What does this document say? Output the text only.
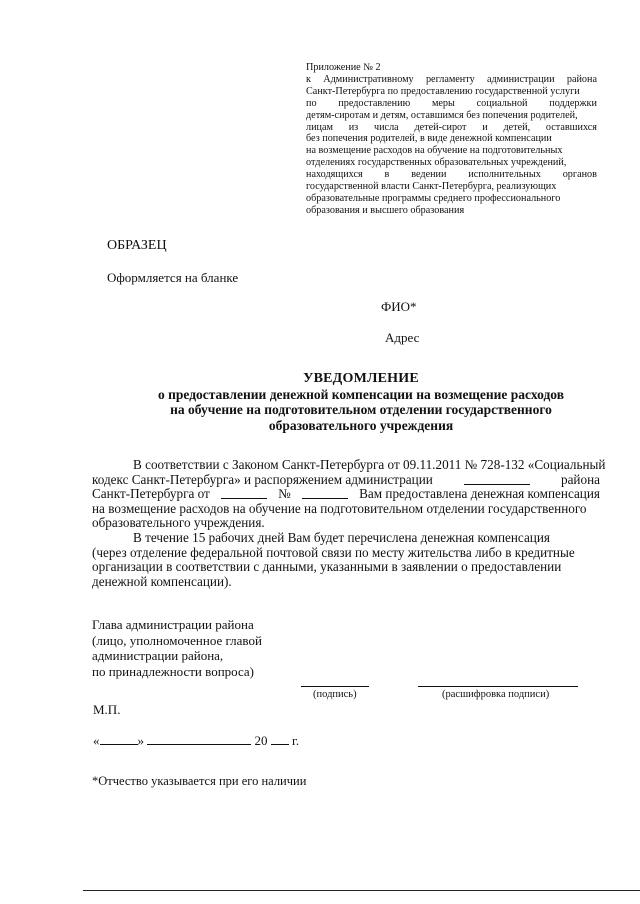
Приложение № 2
к Административному регламенту администрации района
Санкт-Петербурга по предоставлению государственной услуги
по предоставлению меры социальной поддержки
детям-сиротам и детям, оставшимся без попечения родителей,
лицам из числа детей-сирот и детей, оставшихся
без попечения родителей, в виде денежной компенсации
на возмещение расходов на обучение на подготовительных
отделениях государственных образовательных учреждений,
находящихся в ведении исполнительных органов
государственной власти Санкт-Петербурга, реализующих
образовательные программы среднего профессионального
образования и высшего образования
ОБРАЗЕЦ
Оформляется на бланке
ФИО*
Адрес
УВЕДОМЛЕНИЕ
о предоставлении денежной компенсации на возмещение расходов
на обучение на подготовительном отделении государственного
образовательного учреждения
В соответствии с Законом Санкт-Петербурга от 09.11.2011 № 728-132 «Социальный
кодекс Санкт-Петербурга» и распоряжением администрации	района
Санкт-Петербурга от	№	Вам предоставлена денежная компенсация
на возмещение расходов на обучение на подготовительном отделении государственного
образовательного учреждения.
В течение 15 рабочих дней Вам будет перечислена денежная компенсация
(через отделение федеральной почтовой связи по месту жительства либо в кредитные
организации в соответствии с данными, указанными в заявлении о предоставлении
денежной компенсации).
Глава администрации района
(лицо, уполномоченное главой
администрации района,
по принадлежности вопроса)
(подпись)	(расшифровка подписи)
М.П.
«	»	20 г.
*Отчество указывается при его наличии
